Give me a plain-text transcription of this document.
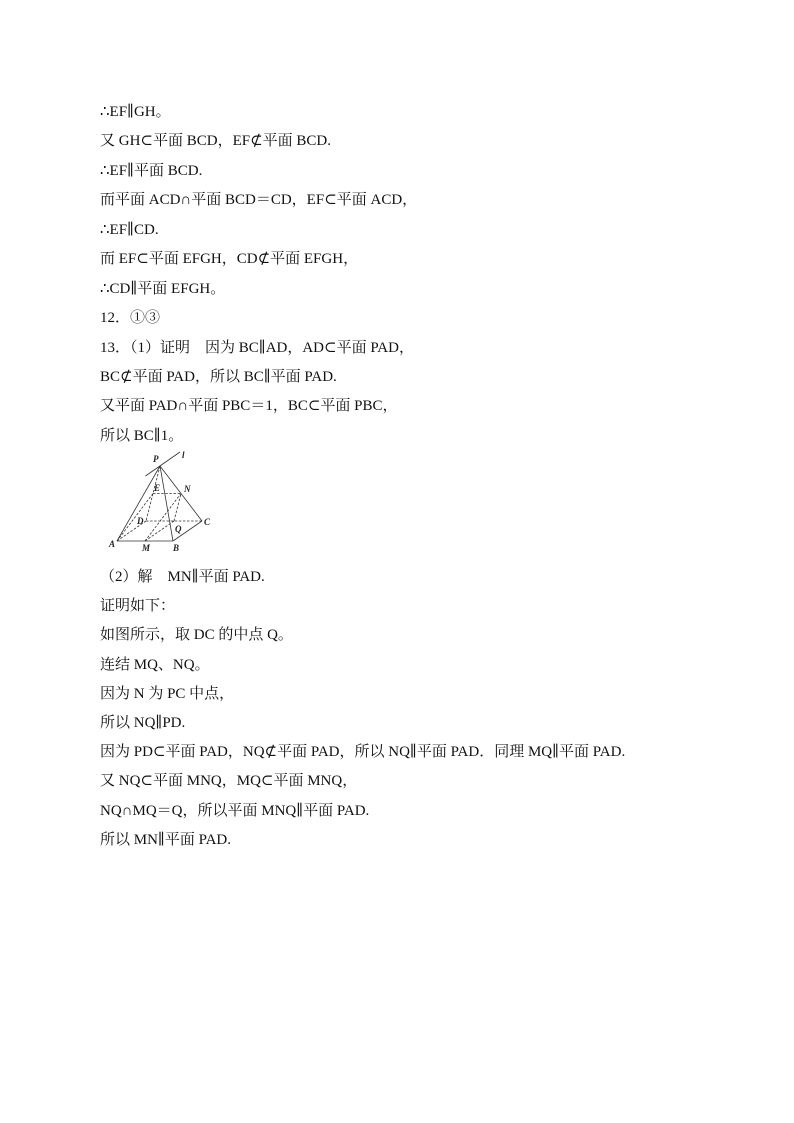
∴EF∥GH。
又 GH⊂平面 BCD，EF⊄平面 BCD.
∴EF∥平面 BCD.
而平面 ACD∩平面 BCD＝CD，EF⊂平面 ACD，
∴EF∥CD.
而 EF⊂平面 EFGH，CD⊄平面 EFGH，
∴CD∥平面 EFGH。
12．①③
13．（1）证明　因为 BC∥AD，AD⊂平面 PAD，
BC⊄平面 PAD，所以 BC∥平面 PAD.
又平面 PAD∩平面 PBC＝1，BC⊂平面 PBC，
所以 BC∥1。
P	l
E	N
D
Q
C
A	M	B
（2）解　MN∥平面 PAD.
证明如下：
如图所示，取 DC 的中点 Q。
连结 MQ、NQ。
因为 N 为 PC 中点，
所以 NQ∥PD.
因为 PD⊂平面 PAD，NQ⊄平面 PAD，所以 NQ∥平面 PAD．同理 MQ∥平面 PAD.
又 NQ⊂平面 MNQ，MQ⊂平面 MNQ，
NQ∩MQ＝Q，所以平面 MNQ∥平面 PAD.
所以 MN∥平面 PAD.
